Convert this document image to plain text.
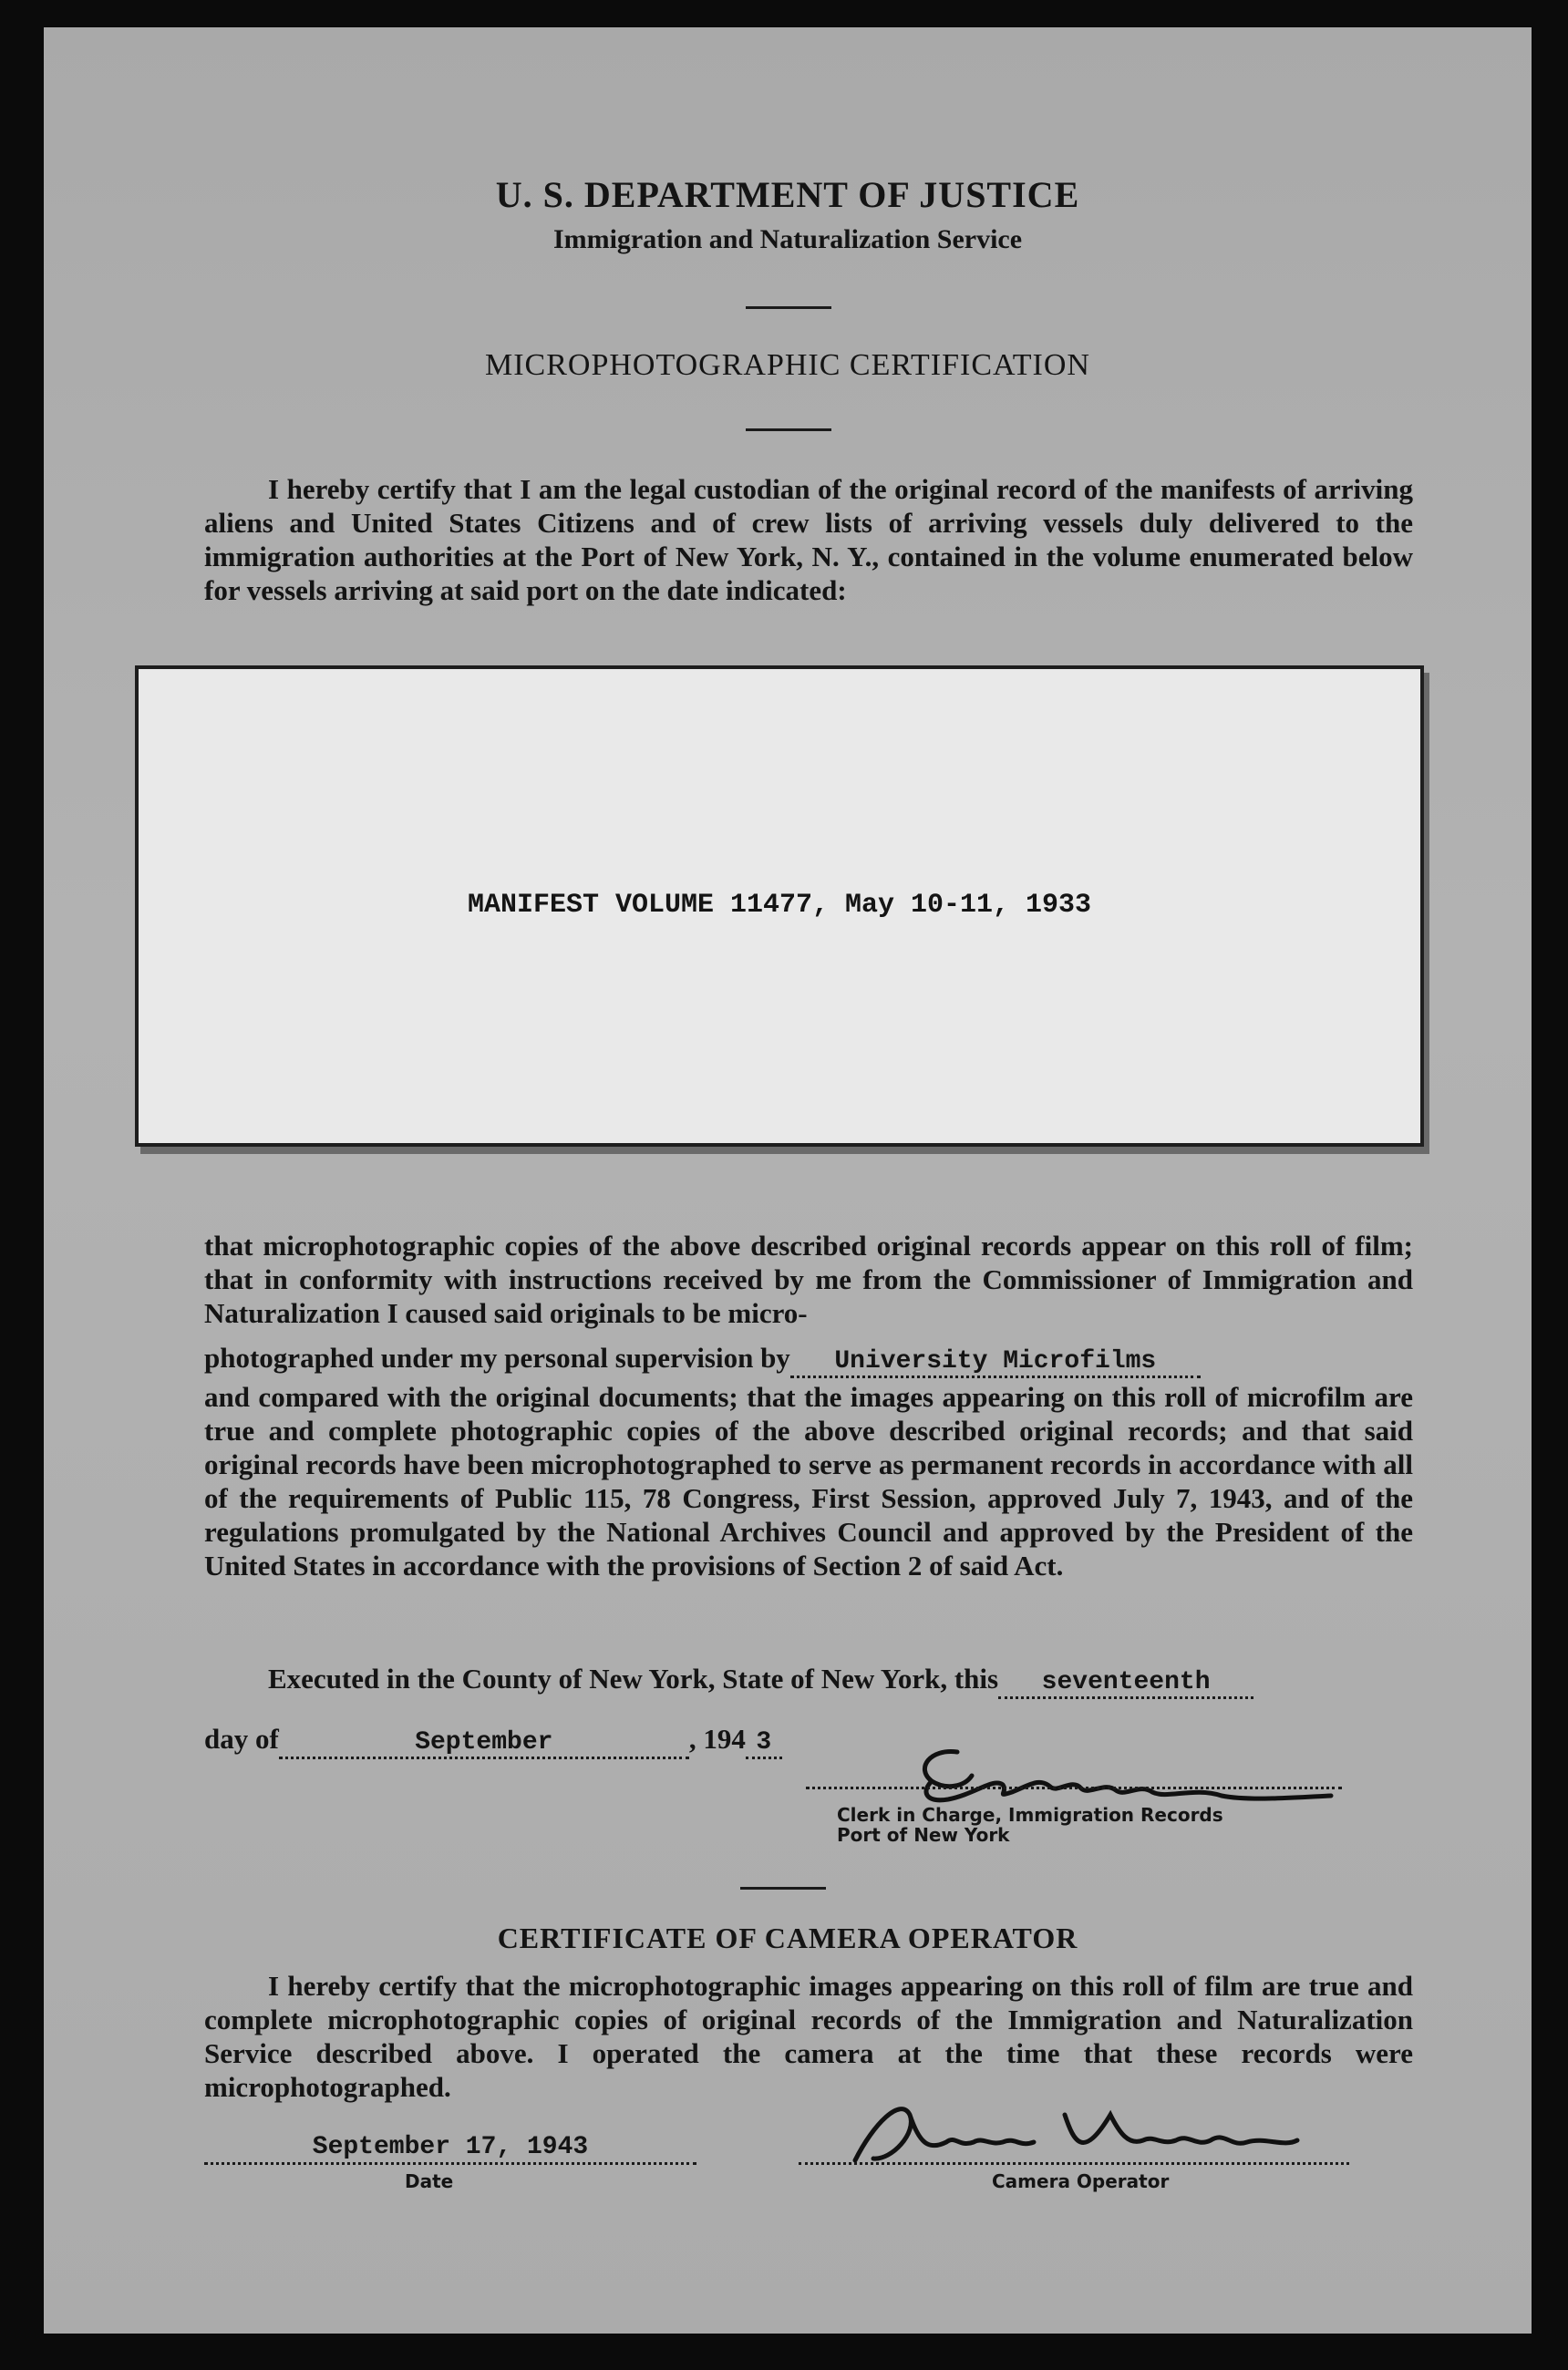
U. S. DEPARTMENT OF JUSTICE
Immigration and Naturalization Service
MICROPHOTOGRAPHIC CERTIFICATION
I hereby certify that I am the legal custodian of the original record of the manifests of arriving aliens and United States Citizens and of crew lists of arriving vessels duly delivered to the immigration authorities at the Port of New York, N. Y., contained in the volume enumerated below for vessels arriving at said port on the date indicated:
MANIFEST VOLUME 11477, May 10-11, 1933
that microphotographic copies of the above described original records appear on this roll of film; that in conformity with instructions received by me from the Commissioner of Immigration and Naturalization I caused said originals to be micro-
photographed under my personal supervision by University Microfilms
and compared with the original documents; that the images appearing on this roll of microfilm are true and complete photographic copies of the above described original records; and that said original records have been microphotographed to serve as permanent records in accordance with all of the requirements of Public 115, 78 Congress, First Session, approved July 7, 1943, and of the regulations promulgated by the National Archives Council and approved by the President of the United States in accordance with the provisions of Section 2 of said Act.
Executed in the County of New York, State of New York, this seventeenth
day of	September	, 194 3
Clerk in Charge, Immigration Records
Port of New York
CERTIFICATE OF CAMERA OPERATOR
I hereby certify that the microphotographic images appearing on this roll of film are true and complete microphotographic copies of original records of the Immigration and Naturalization Service described above. I operated the camera at the time that these records were microphotographed.
September 17, 1943
Date	Camera Operator
